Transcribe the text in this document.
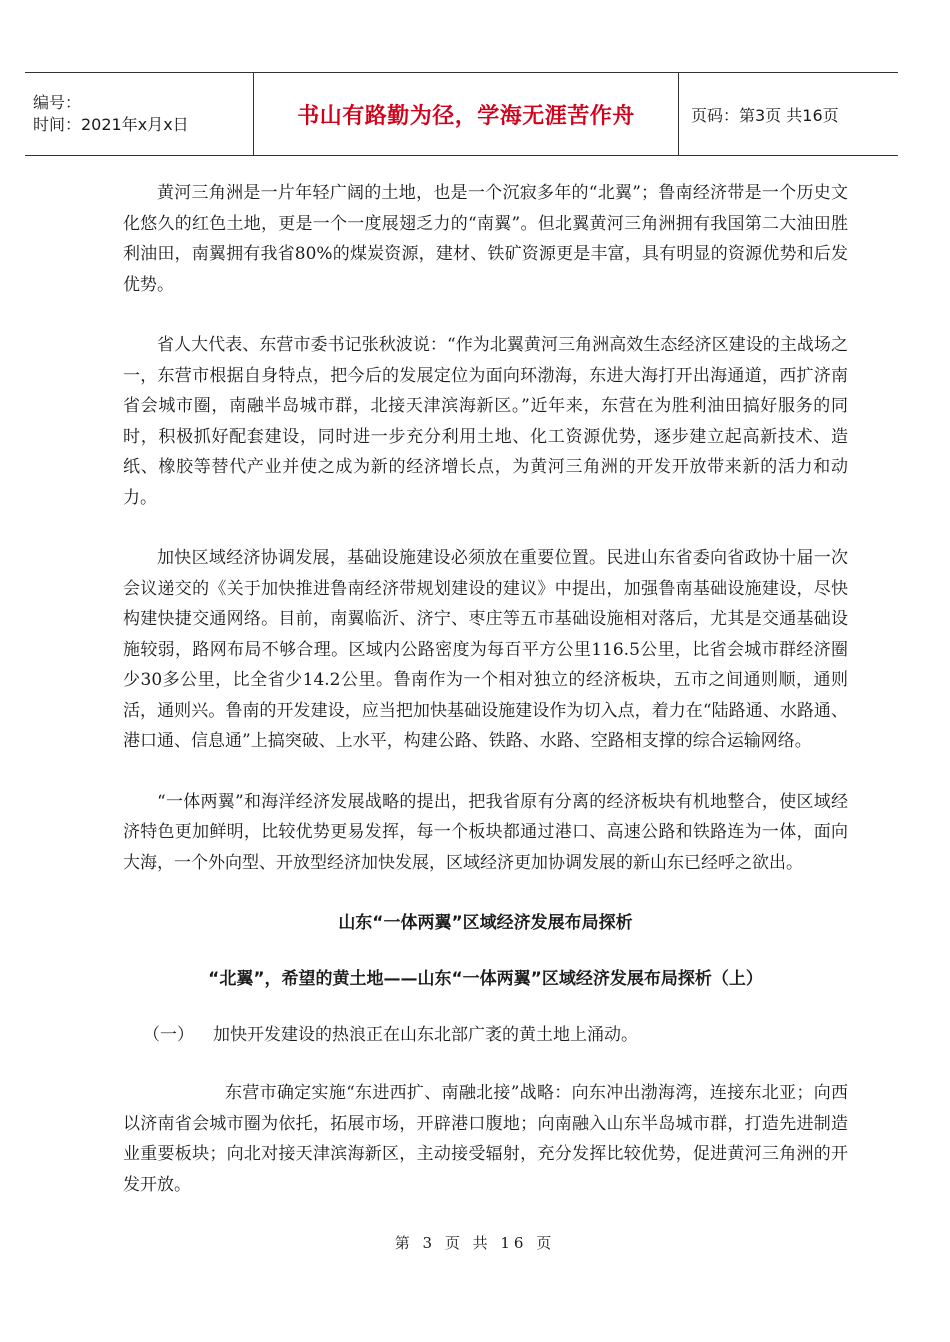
编号：
时间：2021年x月x日	书山有路勤为径，学海无涯苦作舟	页码：第3页 共16页

黄河三角洲是一片年轻广阔的土地，也是一个沉寂多年的“北翼”；鲁南经济带是一个历史文化悠久的红色土地，更是一个一度展翅乏力的“南翼”。但北翼黄河三角洲拥有我国第二大油田胜利油田，南翼拥有我省80%的煤炭资源，建材、铁矿资源更是丰富，具有明显的资源优势和后发优势。

省人大代表、东营市委书记张秋波说：“作为北翼黄河三角洲高效生态经济区建设的主战场之一，东营市根据自身特点，把今后的发展定位为面向环渤海，东进大海打开出海通道，西扩济南省会城市圈，南融半岛城市群，北接天津滨海新区。”近年来，东营在为胜利油田搞好服务的同时，积极抓好配套建设，同时进一步充分利用土地、化工资源优势，逐步建立起高新技术、造纸、橡胶等替代产业并使之成为新的经济增长点，为黄河三角洲的开发开放带来新的活力和动力。

加快区域经济协调发展，基础设施建设必须放在重要位置。民进山东省委向省政协十届一次会议递交的《关于加快推进鲁南经济带规划建设的建议》中提出，加强鲁南基础设施建设，尽快构建快捷交通网络。目前，南翼临沂、济宁、枣庄等五市基础设施相对落后，尤其是交通基础设施较弱，路网布局不够合理。区域内公路密度为每百平方公里116.5公里，比省会城市群经济圈少30多公里，比全省少14.2公里。鲁南作为一个相对独立的经济板块，五市之间通则顺，通则活，通则兴。鲁南的开发建设，应当把加快基础设施建设作为切入点，着力在“陆路通、水路通、港口通、信息通”上搞突破、上水平，构建公路、铁路、水路、空路相支撑的综合运输网络。

“一体两翼”和海洋经济发展战略的提出，把我省原有分离的经济板块有机地整合，使区域经济特色更加鲜明，比较优势更易发挥，每一个板块都通过港口、高速公路和铁路连为一体，面向大海，一个外向型、开放型经济加快发展，区域经济更加协调发展的新山东已经呼之欲出。

山东“一体两翼”区域经济发展布局探析

“北翼”，希望的黄土地——山东“一体两翼”区域经济发展布局探析（上）

（一）	加快开发建设的热浪正在山东北部广袤的黄土地上涌动。

东营市确定实施“东进西扩、南融北接”战略：向东冲出渤海湾，连接东北亚；向西以济南省会城市圈为依托，拓展市场，开辟港口腹地；向南融入山东半岛城市群，打造先进制造业重要板块；向北对接天津滨海新区，主动接受辐射，充分发挥比较优势，促进黄河三角洲的开发开放。

第 3 页 共 16 页
